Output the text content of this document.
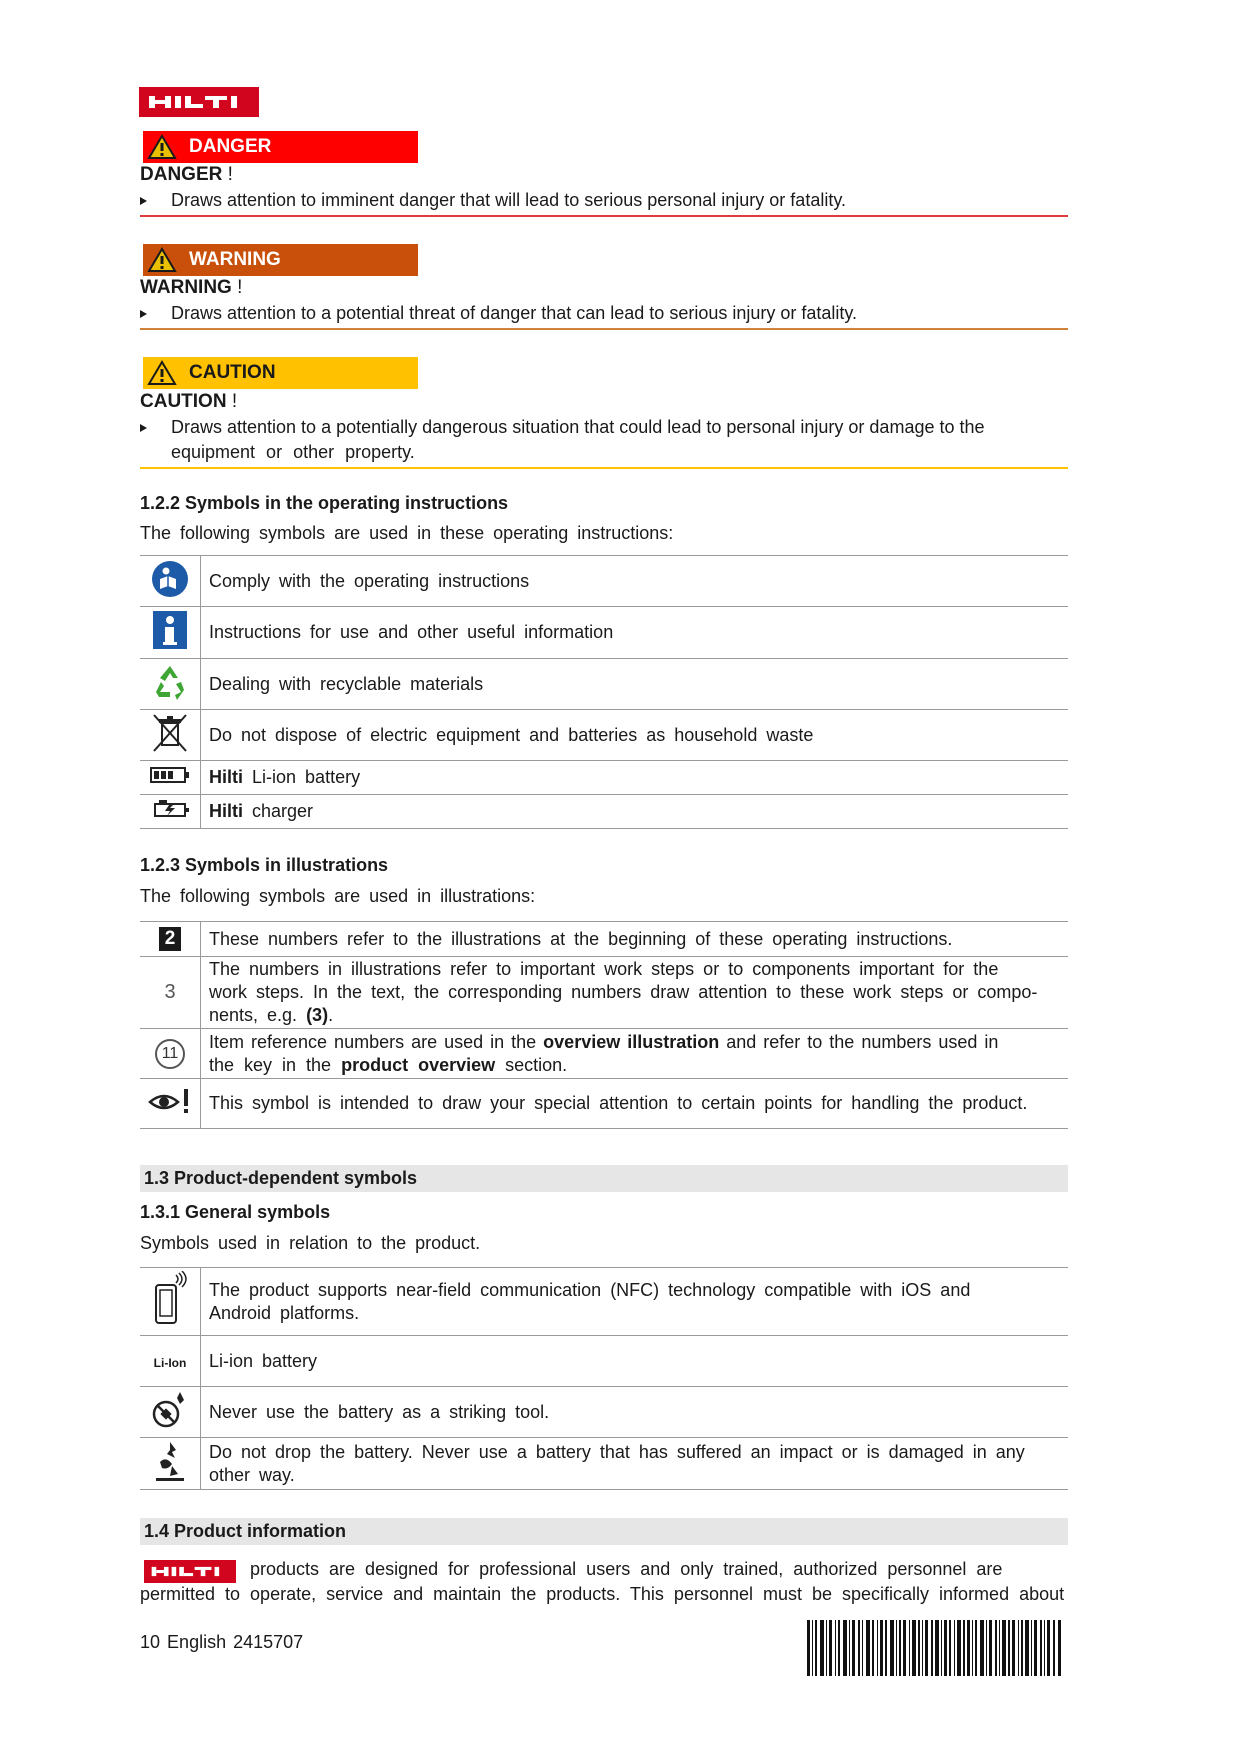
DANGER
DANGER !
Draws attention to imminent danger that will lead to serious personal injury or fatality.
WARNING
WARNING !
Draws attention to a potential threat of danger that can lead to serious injury or fatality.
CAUTION
CAUTION !
Draws attention to a potentially dangerous situation that could lead to personal injury or damage to the
equipment or other property.
1.2.2 Symbols in the operating instructions
The following symbols are used in these operating instructions:
	Comply with the operating instructions
	Instructions for use and other useful information
	Dealing with recyclable materials
	Do not dispose of electric equipment and batteries as household waste
	Hilti Li-ion battery
	Hilti charger
1.2.3 Symbols in illustrations
The following symbols are used in illustrations:
2	These numbers refer to the illustrations at the beginning of these operating instructions.
3	The numbers in illustrations refer to important work steps or to components important for the
work steps. In the text, the corresponding numbers draw attention to these work steps or compo-
nents, e.g. (3).

11	Item reference numbers are used in the overview illustration and refer to the numbers used in
the key in the product overview section.

	This symbol is intended to draw your special attention to certain points for handling the product.
1.3 Product-dependent symbols
1.3.1 General symbols
Symbols used in relation to the product.

The product supports near-field communication (NFC) technology compatible with iOS and
Android platforms.

Li-Ion	Li-ion battery
	Never use the battery as a striking tool.

Do not drop the battery. Never use a battery that has suffered an impact or is damaged in any
other way.
1.4 Product information
products are designed for professional users and only trained, authorized personnel are
permitted to operate, service and maintain the products. This personnel must be specifically informed about
10 English 2415707
